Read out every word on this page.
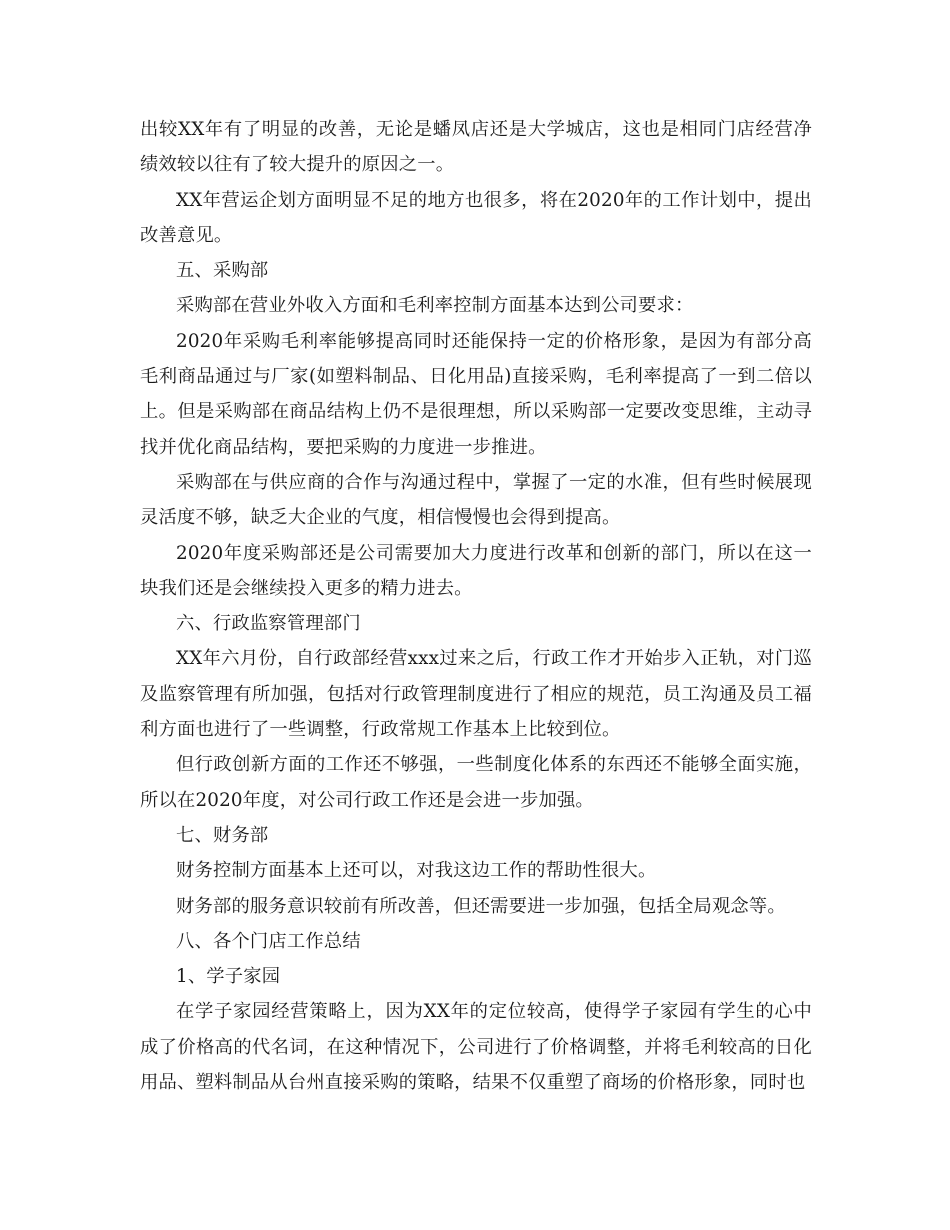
出较XX年有了明显的改善，无论是蟠凤店还是大学城店，这也是相同门店经营净绩效较以往有了较大提升的原因之一。

XX年营运企划方面明显不足的地方也很多，将在2020年的工作计划中，提出改善意见。

五、采购部

采购部在营业外收入方面和毛利率控制方面基本达到公司要求：

2020年采购毛利率能够提高同时还能保持一定的价格形象，是因为有部分高毛利商品通过与厂家(如塑料制品、日化用品)直接采购，毛利率提高了一到二倍以上。但是采购部在商品结构上仍不是很理想，所以采购部一定要改变思维，主动寻找并优化商品结构，要把采购的力度进一步推进。

采购部在与供应商的合作与沟通过程中，掌握了一定的水准，但有些时候展现灵活度不够，缺乏大企业的气度，相信慢慢也会得到提高。

2020年度采购部还是公司需要加大力度进行改革和创新的部门，所以在这一块我们还是会继续投入更多的精力进去。

六、行政监察管理部门

XX年六月份，自行政部经营xxx过来之后，行政工作才开始步入正轨，对门巡及监察管理有所加强，包括对行政管理制度进行了相应的规范，员工沟通及员工福利方面也进行了一些调整，行政常规工作基本上比较到位。

但行政创新方面的工作还不够强，一些制度化体系的东西还不能够全面实施，所以在2020年度，对公司行政工作还是会进一步加强。

七、财务部

财务控制方面基本上还可以，对我这边工作的帮助性很大。

财务部的服务意识较前有所改善，但还需要进一步加强，包括全局观念等。

八、各个门店工作总结

1、学子家园

在学子家园经营策略上，因为XX年的定位较高，使得学子家园有学生的心中成了价格高的代名词，在这种情况下，公司进行了价格调整，并将毛利较高的日化用品、塑料制品从台州直接采购的策略，结果不仅重塑了商场的价格形象，同时也
